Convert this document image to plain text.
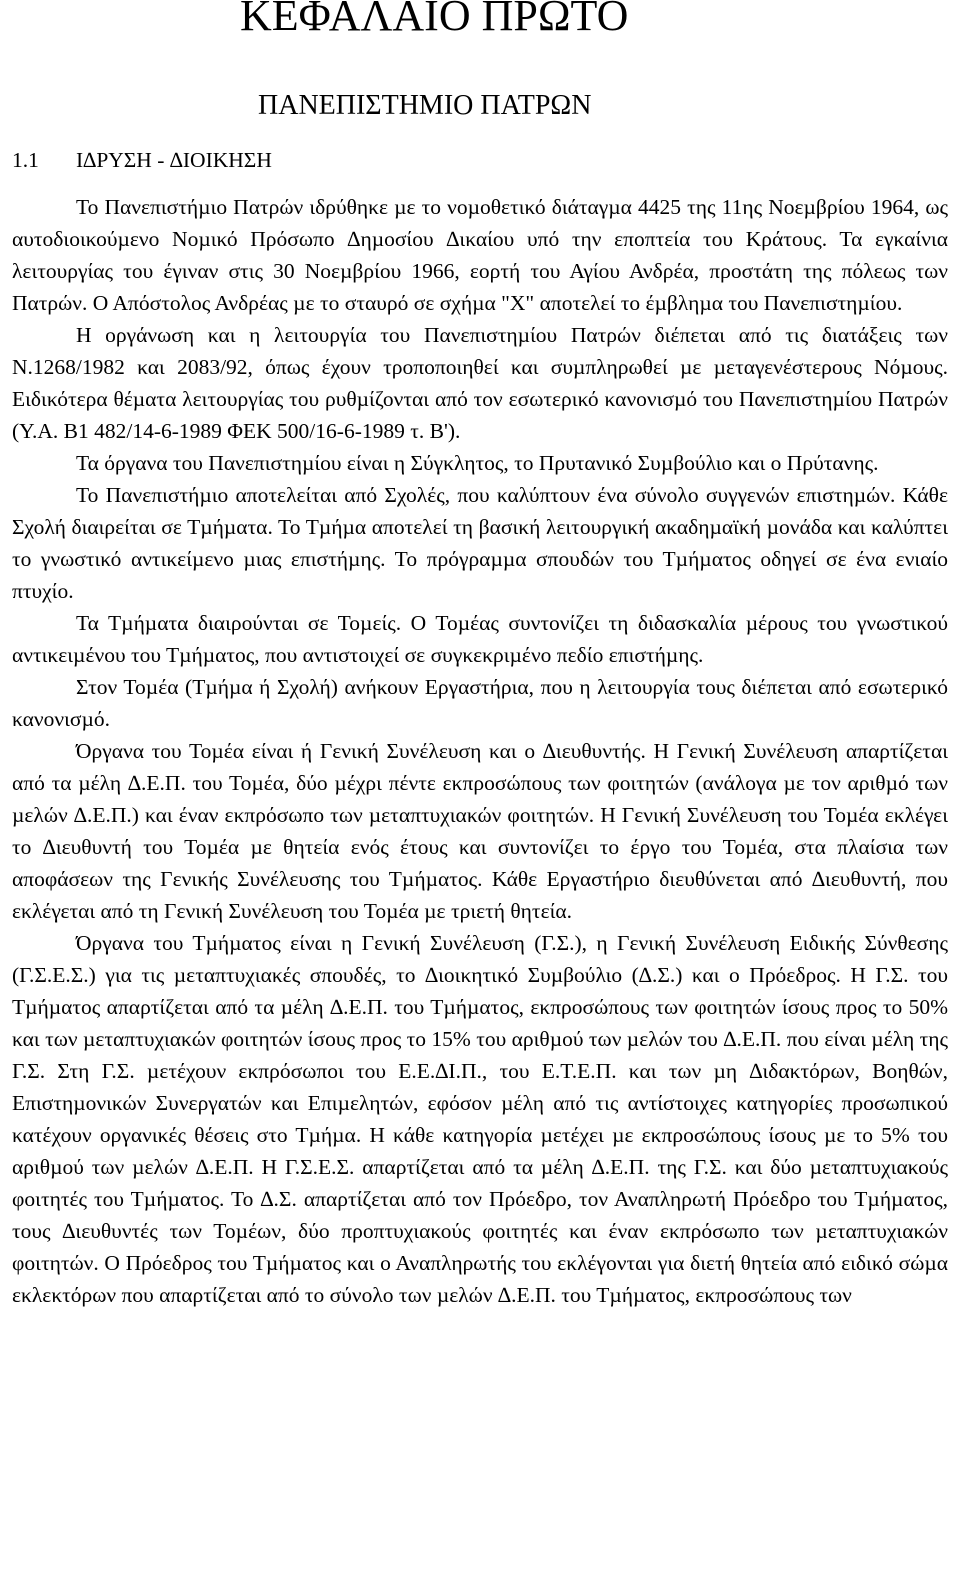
ΚΕΦΑΛΑΙΟ ΠΡΩΤΟ
ΠΑΝΕΠΙΣΤΗΜΙΟ ΠΑΤΡΩΝ
1.1 Ι∆ΡΥΣΗ - ∆ΙΟΙΚΗΣΗ

Το Πανεπιστήµιο Πατρών ιδρύθηκε µε το νοµοθετικό διάταγµα 4425 της 11ης Νοεµβρίου 1964, ως αυτοδιοικούµενο Νοµικό Πρόσωπο ∆ηµοσίου ∆ικαίου υπό την εποπτεία του Κράτους. Τα εγκαίνια λειτουργίας του έγιναν στις 30 Νοεµβρίου 1966, εορτή του Αγίου Ανδρέα, προστάτη της πόλεως των Πατρών. Ο Απόστολος Ανδρέας µε το σταυρό σε σχήµα "Χ" αποτελεί το έµβληµα του Πανεπιστηµίου.

Η οργάνωση και η λειτουργία του Πανεπιστηµίου Πατρών διέπεται από τις διατάξεις των Ν.1268/1982 και 2083/92, όπως έχουν τροποποιηθεί και συµπληρωθεί µε µεταγενέστερους Νόµους. Ειδικότερα θέµατα λειτουργίας του ρυθµίζονται από τον εσωτερικό κανονισµό του Πανεπιστηµίου Πατρών (Υ.Α. Β1 482/14-6-1989 ΦΕΚ 500/16-6-1989 τ. Β').

Τα όργανα του Πανεπιστηµίου είναι η Σύγκλητος, το Πρυτανικό Συµβούλιο και ο Πρύτανης.

Το Πανεπιστήµιο αποτελείται από Σχολές, που καλύπτουν ένα σύνολο συγγενών επιστηµών. Κάθε Σχολή διαιρείται σε Τµήµατα. Το Τµήµα αποτελεί τη βασική λειτουργική ακαδηµαϊκή µονάδα και καλύπτει το γνωστικό αντικείµενο µιας επιστήµης. Το πρόγραµµα σπουδών του Τµήµατος οδηγεί σε ένα ενιαίο πτυχίο.

Τα Τµήµατα διαιρούνται σε Τοµείς. Ο Τοµέας συντονίζει τη διδασκαλία µέρους του γνωστικού αντικειµένου του Τµήµατος, που αντιστοιχεί σε συγκεκριµένο πεδίο επιστήµης.

Στον Τοµέα (Τµήµα ή Σχολή) ανήκουν Εργαστήρια, που η λειτουργία τους διέπεται από εσωτερικό κανονισµό.

Όργανα του Τοµέα είναι ή Γενική Συνέλευση και ο ∆ιευθυντής. Η Γενική Συνέλευση απαρτίζεται από τα µέλη ∆.Ε.Π. του Τοµέα, δύο µέχρι πέντε εκπροσώπους των φοιτητών (ανάλογα µε τον αριθµό των µελών ∆.Ε.Π.) και έναν εκπρόσωπο των µεταπτυχιακών φοιτητών. Η Γενική Συνέλευση του Τοµέα εκλέγει το ∆ιευθυντή του Τοµέα µε θητεία ενός έτους και συντονίζει το έργο του Τοµέα, στα πλαίσια των αποφάσεων της Γενικής Συνέλευσης του Τµήµατος. Κάθε Εργαστήριο διευθύνεται από ∆ιευθυντή, που εκλέγεται από τη Γενική Συνέλευση του Τοµέα µε τριετή θητεία.

Όργανα του Τµήµατος είναι η Γενική Συνέλευση (Γ.Σ.), η Γενική Συνέλευση Ειδικής Σύνθεσης (Γ.Σ.Ε.Σ.) για τις µεταπτυχιακές σπουδές, το ∆ιοικητικό Συµβούλιο (∆.Σ.) και ο Πρόεδρος. Η Γ.Σ. του Τµήµατος απαρτίζεται από τα µέλη ∆.Ε.Π. του Τµήµατος, εκπροσώπους των φοιτητών ίσους προς το 50% και των µεταπτυχιακών φοιτητών ίσους προς το 15% του αριθµού των µελών του ∆.Ε.Π. που είναι µέλη της Γ.Σ. Στη Γ.Σ. µετέχουν εκπρόσωποι του Ε.Ε.∆Ι.Π., του Ε.Τ.Ε.Π. και των µη ∆ιδακτόρων, Βοηθών, Επιστηµονικών Συνεργατών και Επιµελητών, εφόσον µέλη από τις αντίστοιχες κατηγορίες προσωπικού κατέχουν οργανικές θέσεις στο Τµήµα. Η κάθε κατηγορία µετέχει µε εκπροσώπους ίσους µε το 5% του αριθµού των µελών ∆.Ε.Π. Η Γ.Σ.Ε.Σ. απαρτίζεται από τα µέλη ∆.Ε.Π. της Γ.Σ. και δύο µεταπτυχιακούς φοιτητές του Τµήµατος. Το ∆.Σ. απαρτίζεται από τον Πρόεδρο, τον Αναπληρωτή Πρόεδρο του Τµήµατος, τους ∆ιευθυντές των Τοµέων, δύο προπτυχιακούς φοιτητές και έναν εκπρόσωπο των µεταπτυχιακών φοιτητών. Ο Πρόεδρος του Τµήµατος και ο Αναπληρωτής του εκλέγονται για διετή θητεία από ειδικό σώµα εκλεκτόρων που απαρτίζεται από το σύνολο των µελών ∆.Ε.Π. του Τµήµατος, εκπροσώπους των
